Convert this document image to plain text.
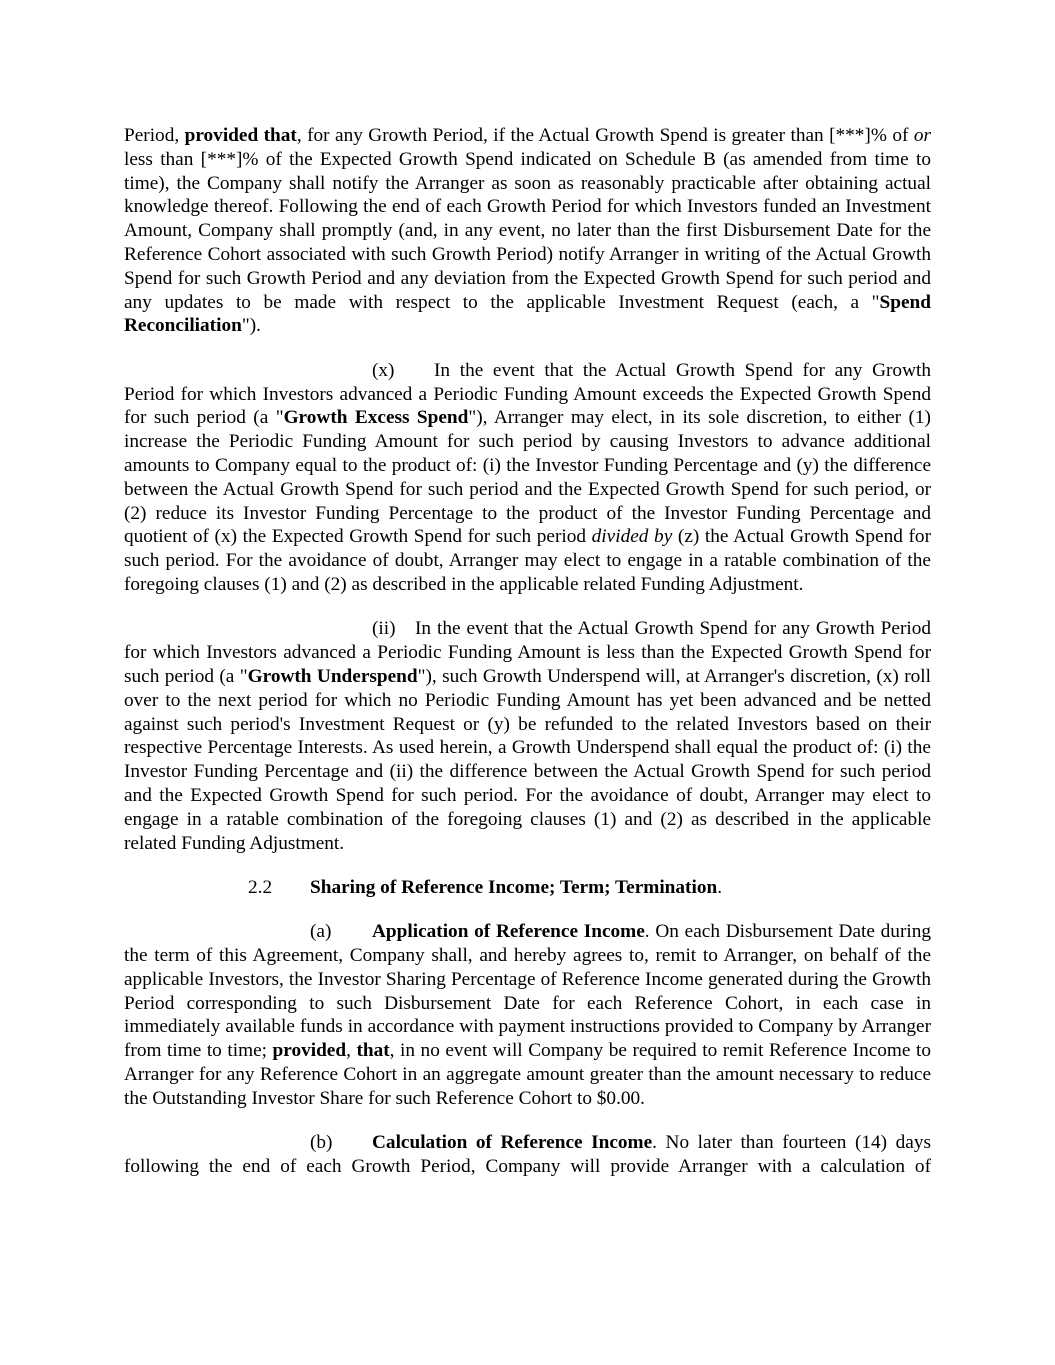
Period, provided that, for any Growth Period, if the Actual Growth Spend is greater than [***]% of or less than [***]% of the Expected Growth Spend indicated on Schedule B (as amended from time to time), the Company shall notify the Arranger as soon as reasonably practicable after obtaining actual knowledge thereof. Following the end of each Growth Period for which Investors funded an Investment Amount, Company shall promptly (and, in any event, no later than the first Disbursement Date for the Reference Cohort associated with such Growth Period) notify Arranger in writing of the Actual Growth Spend for such Growth Period and any deviation from the Expected Growth Spend for such period and any updates to be made with respect to the applicable Investment Request (each, a "Spend Reconciliation").

(x) In the event that the Actual Growth Spend for any Growth Period for which Investors advanced a Periodic Funding Amount exceeds the Expected Growth Spend for such period (a "Growth Excess Spend"), Arranger may elect, in its sole discretion, to either (1) increase the Periodic Funding Amount for such period by causing Investors to advance additional amounts to Company equal to the product of: (i) the Investor Funding Percentage and (y) the difference between the Actual Growth Spend for such period and the Expected Growth Spend for such period, or (2) reduce its Investor Funding Percentage to the product of the Investor Funding Percentage and quotient of (x) the Expected Growth Spend for such period divided by (z) the Actual Growth Spend for such period. For the avoidance of doubt, Arranger may elect to engage in a ratable combination of the foregoing clauses (1) and (2) as described in the applicable related Funding Adjustment.

(ii) In the event that the Actual Growth Spend for any Growth Period for which Investors advanced a Periodic Funding Amount is less than the Expected Growth Spend for such period (a "Growth Underspend"), such Growth Underspend will, at Arranger's discretion, (x) roll over to the next period for which no Periodic Funding Amount has yet been advanced and be netted against such period's Investment Request or (y) be refunded to the related Investors based on their respective Percentage Interests. As used herein, a Growth Underspend shall equal the product of: (i) the Investor Funding Percentage and (ii) the difference between the Actual Growth Spend for such period and the Expected Growth Spend for such period. For the avoidance of doubt, Arranger may elect to engage in a ratable combination of the foregoing clauses (1) and (2) as described in the applicable related Funding Adjustment.

2.2 Sharing of Reference Income; Term; Termination.

(a) Application of Reference Income. On each Disbursement Date during the term of this Agreement, Company shall, and hereby agrees to, remit to Arranger, on behalf of the applicable Investors, the Investor Sharing Percentage of Reference Income generated during the Growth Period corresponding to such Disbursement Date for each Reference Cohort, in each case in immediately available funds in accordance with payment instructions provided to Company by Arranger from time to time; provided, that, in no event will Company be required to remit Reference Income to Arranger for any Reference Cohort in an aggregate amount greater than the amount necessary to reduce the Outstanding Investor Share for such Reference Cohort to $0.00.

(b) Calculation of Reference Income. No later than fourteen (14) days following the end of each Growth Period, Company will provide Arranger with a calculation of
